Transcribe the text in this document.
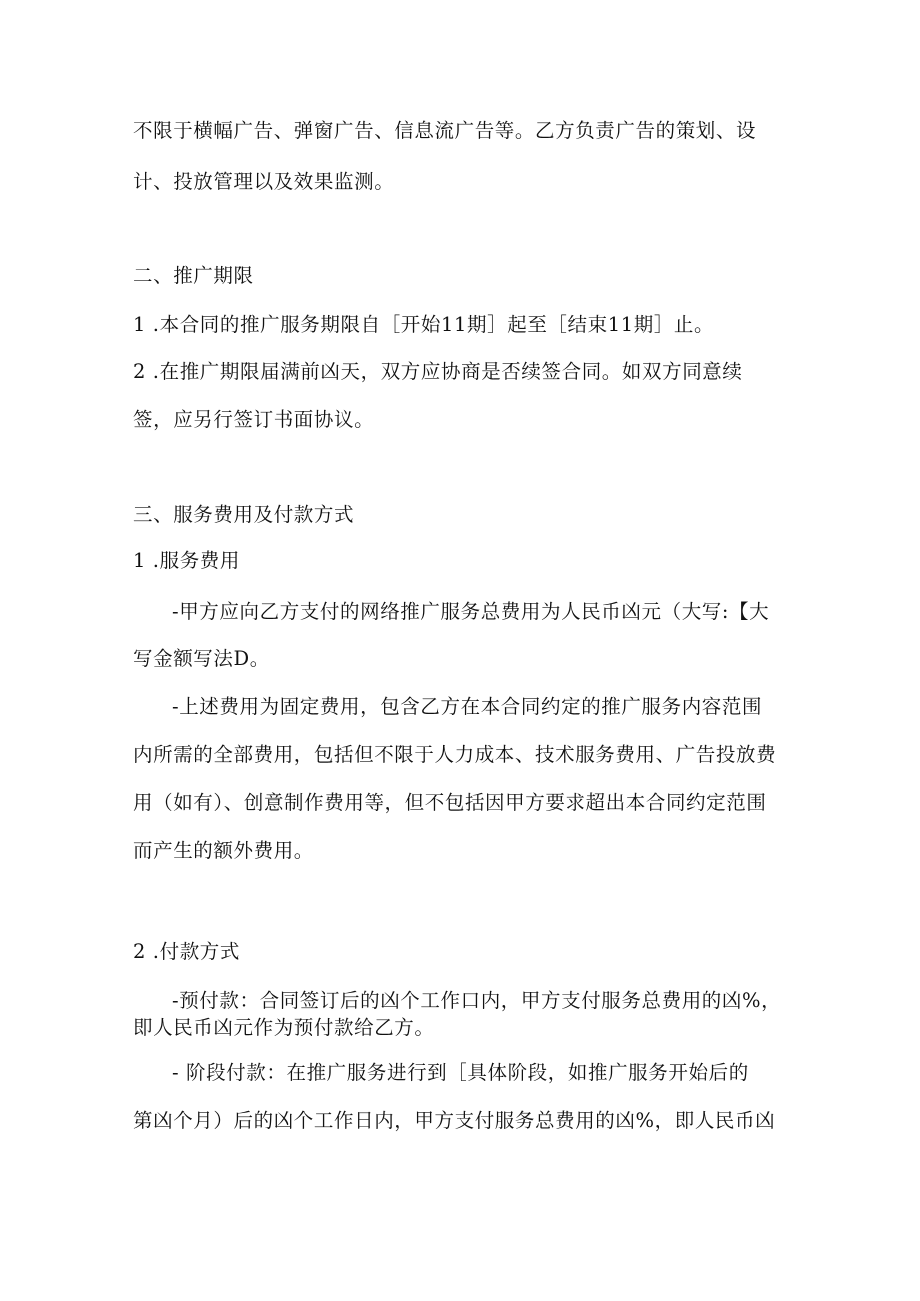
不限于横幅广告、弹窗广告、信息流广告等。乙方负责广告的策划、设

计、投放管理以及效果监测。

二、推广期限

1 .本合同的推广服务期限自［开始11期］起至［结束11期］止。

2 .在推广期限届满前凶天，双方应协商是否续签合同。如双方同意续

签，应另行签订书面协议。

三、服务费用及付款方式

1 .服务费用

-甲方应向乙方支付的网络推广服务总费用为人民币凶元（大写:【大

写金额写法D。

-上述费用为固定费用，包含乙方在本合同约定的推广服务内容范围

内所需的全部费用，包括但不限于人力成本、技术服务费用、广告投放费

用（如有）、创意制作费用等，但不包括因甲方要求超出本合同约定范围

而产生的额外费用。

2 .付款方式

-预付款：合同签订后的凶个工作口内，甲方支付服务总费用的凶%，

即人民币凶元作为预付款给乙方。

- 阶段付款：在推广服务进行到［具体阶段，如推广服务开始后的

第凶个月）后的凶个工作日内，甲方支付服务总费用的凶%，即人民币凶
